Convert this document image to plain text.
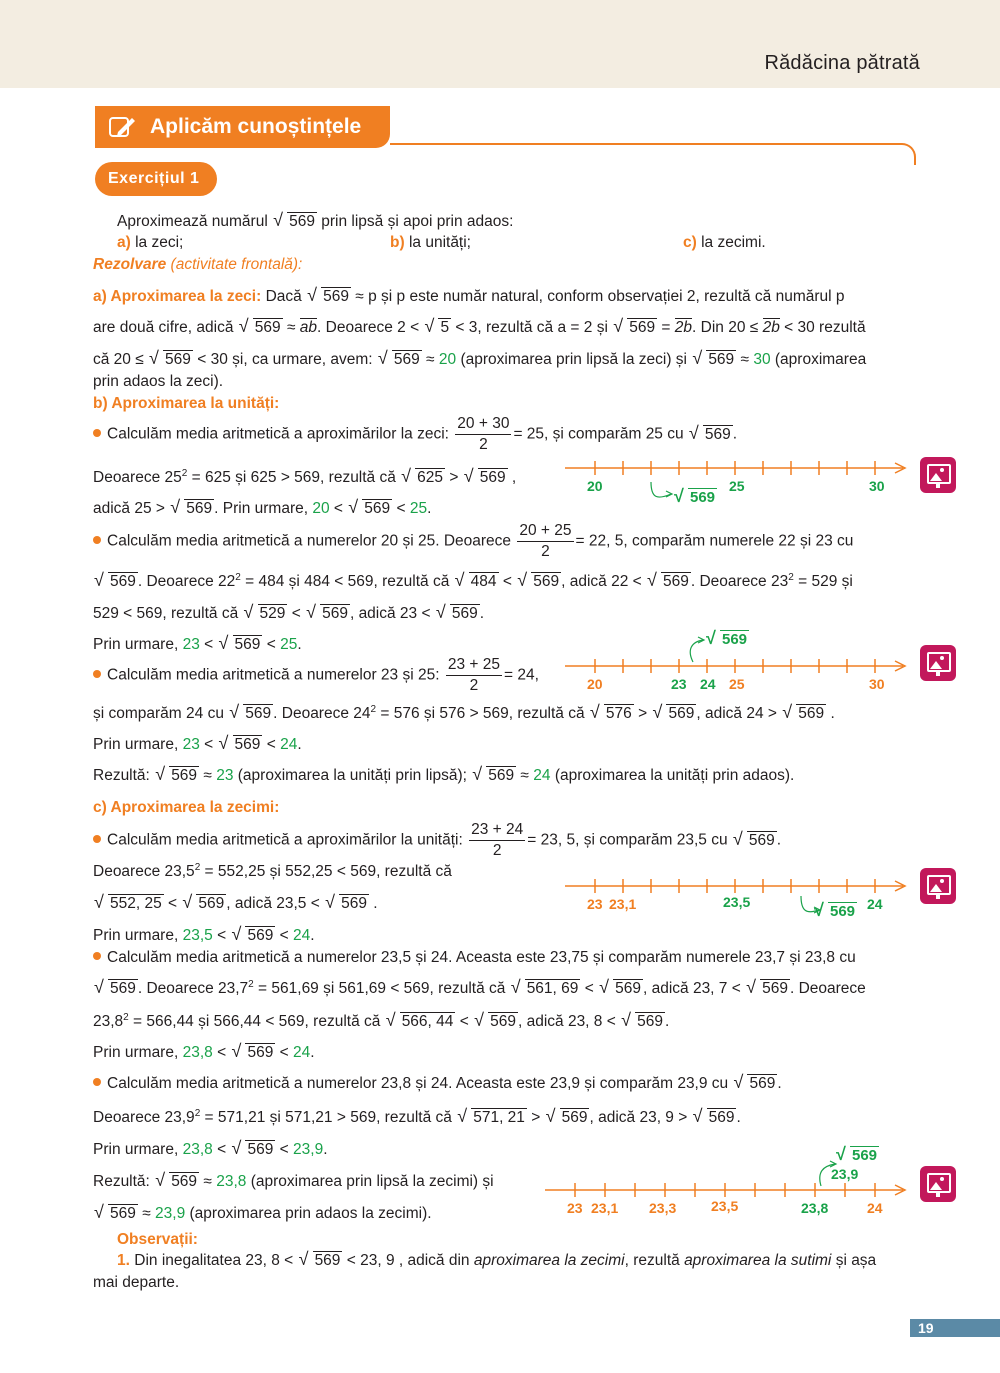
Rădăcina pătrată
Aplicăm cunoștințele
Exercițiul 1
Aproximează numărul √ 569 prin lipsă și apoi prin adaos:
a) la zeci;	b) la unități;	c) la zecimi.
Rezolvare (activitate frontală):
a) Aproximarea la zeci: Dacă √ 569 ≈ p și p este număr natural, conform observației 2, rezultă că numărul p
are două cifre, adică √ 569 ≈ ab. Deoarece 2 < √ 5 < 3, rezultă că a = 2 și √ 569 = 2b. Din 20 ≤ 2b < 30 rezultă
că 20 ≤ √ 569 < 30 și, ca urmare, avem: √ 569 ≈ 20 (aproximarea prin lipsă la zeci) și √ 569 ≈ 30 (aproximarea
prin adaos la zeci).
b) Aproximarea la unități:
Calculăm media aritmetică a aproximărilor la zeci: $\frac{20 + 30}{2} = 25$, și comparăm 25 cu √ 569 .
Deoarece $25^2 = 625$ și 625 > 569, rezultă că √ 625 > √ 569 ,
adică 25 > √ 569 . Prin urmare, 20 < √ 569 < 25.
Calculăm media aritmetică a numerelor 20 și 25. Deoarece $\frac{20 + 25}{2} = 22$, 5, comparăm numerele 22 și 23 cu
√ 569 . Deoarece $22^2 = 484$ și 484 < 569, rezultă că √ 484 < √ 569 , adică 22 < √ 569 . Deoarece $23^2 = 529$ și
529 < 569, rezultă că √ 529 < √ 569 , adică 23 < √ 569 .
Prin urmare, 23 < √ 569 < 25.
Calculăm media aritmetică a numerelor 23 și 25: $\frac{23 + 25}{2} = 24$,
și comparăm 24 cu √ 569 . Deoarece $24^2 = 576$ și 576 > 569, rezultă că √ 576 > √ 569 , adică 24 > √ 569 .
Prin urmare, 23 < √ 569 < 24.
Rezultă: √ 569 ≈ 23 (aproximarea la unități prin lipsă); √ 569 ≈ 24 (aproximarea la unități prin adaos).
c) Aproximarea la zecimi:
Calculăm media aritmetică a aproximărilor la unități: $\frac{23 + 24}{2} = 23$, 5, și comparăm 23,5 cu √ 569 .
Deoarece $23,5^2 = 552,25$ și 552,25 < 569, rezultă că
√ 552, 25 < √ 569 , adică 23,5 < √ 569 .
Prin urmare, 23,5 < √ 569 < 24.
Calculăm media aritmetică a numerelor 23,5 și 24. Aceasta este 23,75 și comparăm numerele 23,7 și 23,8 cu
√ 569 . Deoarece $23,7^2 = 561,69$ și 561,69 < 569, rezultă că √ 561, 69 < √ 569 , adică 23, 7 < √ 569 . Deoarece
$23,8^2 = 566,44$ și 566,44 < 569, rezultă că √ 566, 44 < √ 569 , adică 23, 8 < √ 569 .
Prin urmare, 23,8 < √ 569 < 24.
Calculăm media aritmetică a numerelor 23,8 și 24. Aceasta este 23,9 și comparăm 23,9 cu √ 569 .
Deoarece $23,9^2 = 571,21$ și 571,21 > 569, rezultă că √ 571, 21 > √ 569 , adică 23, 9 > √ 569 .
Prin urmare, 23,8 < √ 569 < 23,9.
Rezultă: √ 569 ≈ 23,8 (aproximarea prin lipsă la zecimi) și
√ 569 ≈ 23,9 (aproximarea prin adaos la zecimi).
Observații:
1. Din inegalitatea 23, 8 < √ 569 < 23, 9 , adică din aproximarea la zecimi, rezultă aproximarea la sutimi și așa
mai departe.
20	25	30
√ 569
20	23 24 25	30
√ 569
23 23,1	23,5	24
√ 569
23 23,1 23,3 23,5	23,8	24
23,9
√ 569
19
